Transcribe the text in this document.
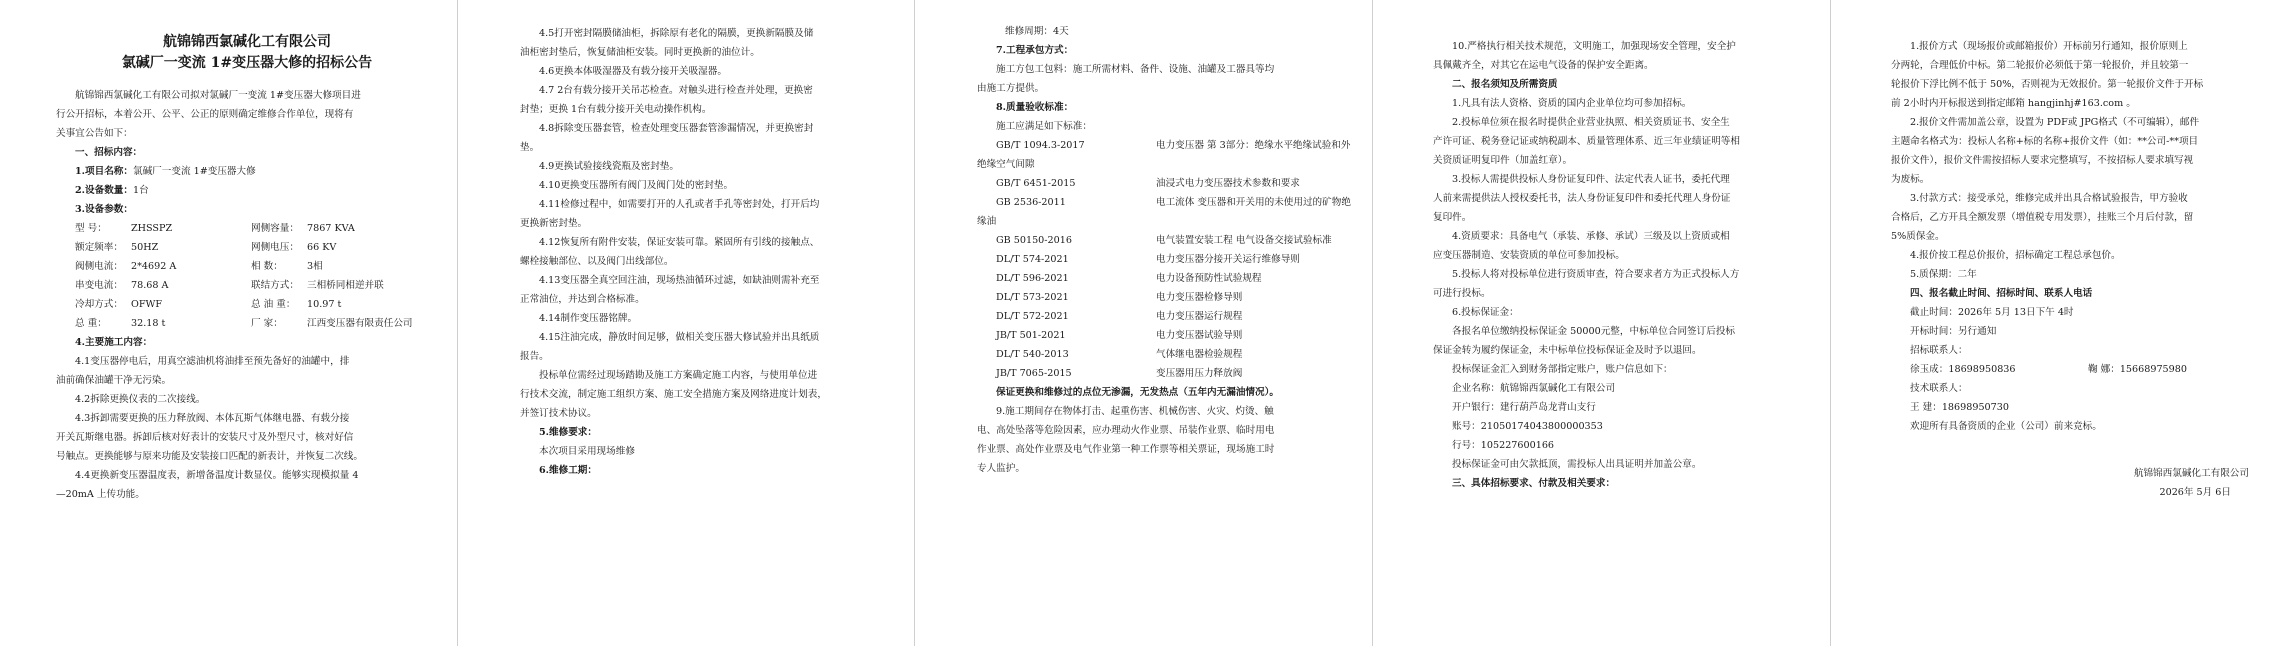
航锦锦西氯碱化工有限公司
氯碱厂一变流 1#变压器大修的招标公告
航锦锦西氯碱化工有限公司拟对氯碱厂一变流 1#变压器大修项目进
行公开招标，本着公开、公平、公正的原则确定维修合作单位，现将有
关事宜公告如下：
一、招标内容：
1.项目名称：氯碱厂一变流 1#变压器大修
2.设备数量：1台
3.设备参数：
型 号：	ZHSSPZ	网侧容量： 7867 KVA
额定频率： 50HZ	网侧电压： 66 KV
阀侧电流： 2*4692 A	相 数：	3相
串变电流： 78.68 A	联结方式： 三相桥同相逆并联
冷却方式： OFWF	总 油 重：	10.97 t
总 重：	32.18 t	厂 家：	江西变压器有限责任公司
4.主要施工内容：
4.1变压器停电后，用真空滤油机将油排至预先备好的油罐中，排
油前确保油罐干净无污染。
4.2拆除更换仪表的二次接线。
4.3拆卸需要更换的压力释放阀、本体瓦斯气体继电器、有载分接
开关瓦斯继电器。拆卸后核对好表计的安装尺寸及外型尺寸，核对好信
号触点。更换能够与原来功能及安装接口匹配的新表计，并恢复二次线。
4.4更换新变压器温度表，新增备温度计数显仪。能够实现模拟量 4
—20mA 上传功能。
4.5打开密封隔膜储油柜，拆除原有老化的隔膜，更换新隔膜及储
油柜密封垫后，恢复储油柜安装。同时更换新的油位计。
4.6更换本体吸湿器及有载分接开关吸湿器。
4.7 2台有载分接开关吊芯检查。对触头进行检查并处理，更换密
封垫；更换 1台有载分接开关电动操作机构。
4.8拆除变压器套管，检查处理变压器套管渗漏情况，并更换密封
垫。
4.9更换试验接线瓷瓶及密封垫。
4.10更换变压器所有阀门及阀门处的密封垫。
4.11检修过程中，如需要打开的人孔或者手孔等密封处，打开后均
更换新密封垫。
4.12恢复所有附件安装，保证安装可靠。紧固所有引线的接触点、
螺栓接触部位、以及阀门出线部位。
4.13变压器全真空回注油，现场热油循环过滤，如缺油则需补充至
正常油位，并达到合格标准。
4.14制作变压器铭牌。
4.15注油完成，静放时间足够，做相关变压器大修试验并出具纸质
报告。
投标单位需经过现场踏勘及施工方案确定施工内容，与使用单位进
行技术交流，制定施工组织方案、施工安全措施方案及网络进度计划表，
并签订技术协议。
5.维修要求：
本次项目采用现场维修
6.维修工期：
维修周期：4天
7.工程承包方式：
施工方包工包料：施工所需材料、备件、设施、油罐及工器具等均
由施工方提供。
8.质量验收标准：
施工应满足如下标准：
GB/T 1094.3-2017	电力变压器 第 3部分：绝缘水平绝缘试验和外
绝缘空气间隙
GB/T 6451-2015	油浸式电力变压器技术参数和要求
GB 2536-2011	电工流体 变压器和开关用的未使用过的矿物绝
缘油
GB 50150-2016	电气装置安装工程 电气设备交接试验标准
DL/T 574-2021	电力变压器分接开关运行维修导则
DL/T 596-2021	电力设备预防性试验规程
DL/T 573-2021	电力变压器检修导则
DL/T 572-2021	电力变压器运行规程
JB/T 501-2021	电力变压器试验导则
DL/T 540-2013	气体继电器检验规程
JB/T 7065-2015	变压器用压力释放阀
保证更换和维修过的点位无渗漏，无发热点（五年内无漏油情况）。
9.施工期间存在物体打击、起重伤害、机械伤害、火灾、灼烫、触
电、高处坠落等危险因素，应办理动火作业票、吊装作业票、临时用电
作业票、高处作业票及电气作业第一种工作票等相关票证，现场施工时
专人监护。
10.严格执行相关技术规范，文明施工，加强现场安全管理，安全护
具佩戴齐全，对其它在运电气设备的保护安全距离。
二、报名须知及所需资质
1.凡具有法人资格、资质的国内企业单位均可参加招标。
2.投标单位须在报名时提供企业营业执照、相关资质证书、安全生
产许可证、税务登记证或纳税副本、质量管理体系、近三年业绩证明等相
关资质证明复印件（加盖红章）。
3.投标人需提供投标人身份证复印件、法定代表人证书，委托代理
人前来需提供法人授权委托书，法人身份证复印件和委托代理人身份证
复印件。
4.资质要求：具备电气（承装、承修、承试）三级及以上资质或相
应变压器制造、安装资质的单位可参加投标。
5.投标人将对投标单位进行资质审查，符合要求者方为正式投标人方
可进行投标。
6.投标保证金：
各报名单位缴纳投标保证金 50000元整，中标单位合同签订后投标
保证金转为履约保证金，未中标单位投标保证金及时予以退回。
投标保证金汇入到财务部指定账户，账户信息如下：
企业名称：航锦锦西氯碱化工有限公司
开户银行：建行葫芦岛龙背山支行
账号：21050174043800000353
行号：105227600166
投标保证金可由欠款抵顶，需投标人出具证明并加盖公章。
三、具体招标要求、付款及相关要求：
1.报价方式（现场报价或邮箱报价）开标前另行通知，报价原则上
分两轮，合理低价中标。第二轮报价必须低于第一轮报价，并且较第一
轮报价下浮比例不低于 50%，否则视为无效报价。第一轮报价文件于开标
前 2小时内开标报送到指定邮箱 hangjinhj#163.com 。
2.报价文件需加盖公章，设置为 PDF或 JPG格式（不可编辑），邮件
主题命名格式为：投标人名称+标的名称+报价文件（如：**公司-**项目
报价文件），报价文件需按招标人要求完整填写，不按招标人要求填写视
为废标。
3.付款方式：接受承兑，维修完成并出具合格试验报告，甲方验收
合格后，乙方开具全额发票（增值税专用发票），挂账三个月后付款，留
5%质保金。
4.报价按工程总价报价，招标确定工程总承包价。
5.质保期：二年
四、报名截止时间、招标时间、联系人电话
截止时间：2026年 5月 13日下午 4时
开标时间：另行通知
招标联系人：
徐玉成：18698950836	鞠 娜：15668975980
技术联系人：
王 建：18698950730
欢迎所有具备资质的企业（公司）前来竞标。
航锦锦西氯碱化工有限公司
2026年 5月 6日
